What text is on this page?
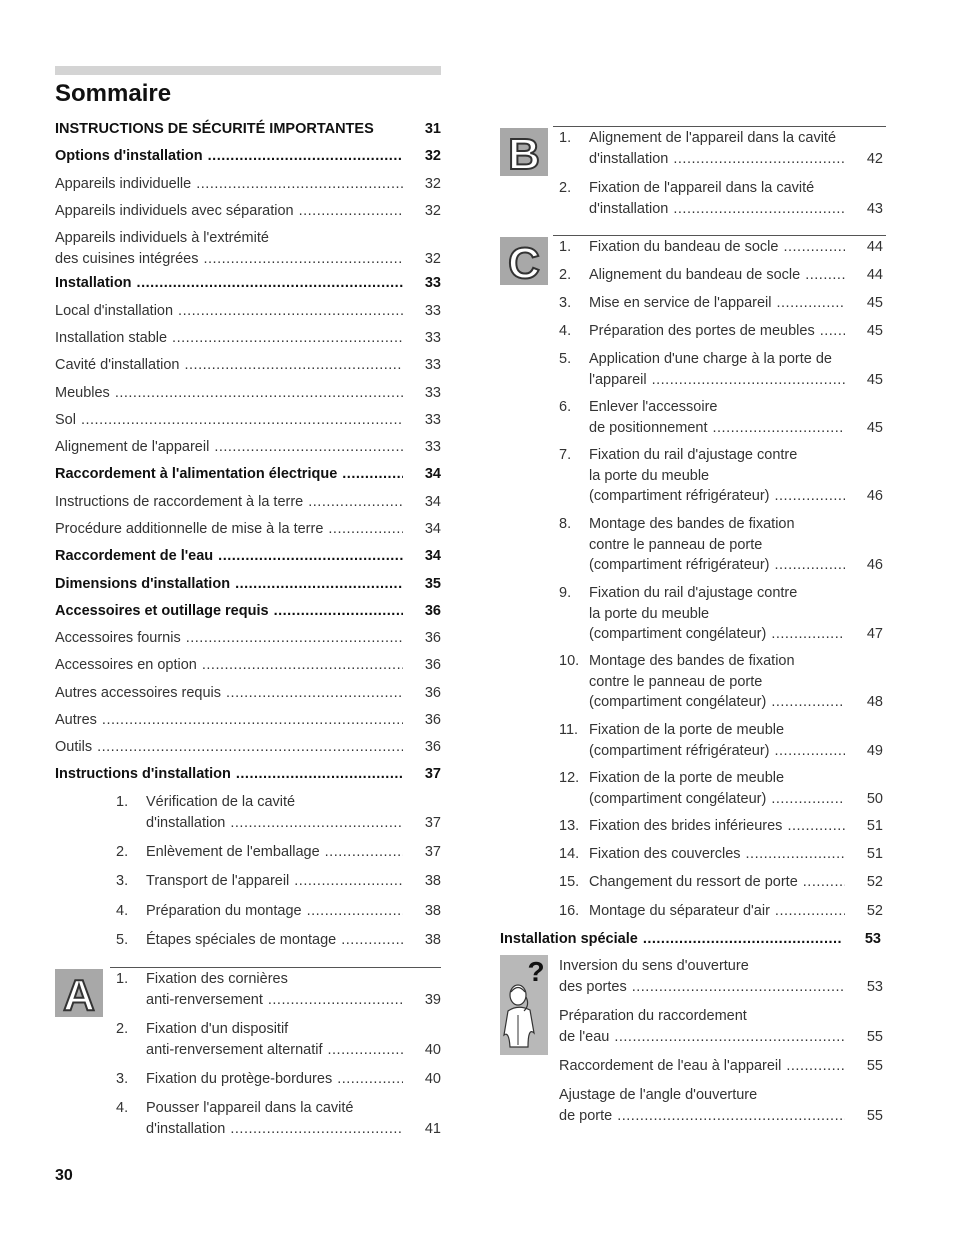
Sommaire
INSTRUCTIONS DE SÉCURITÉ IMPORTANTES	31
Options d'installation .....	32
Appareils individuelle .....	32
Appareils individuels avec séparation .....	32
Appareils individuels à l'extrémité
des cuisines intégrées .....	32
Installation .....	33
Local d'installation .....	33
Installation stable .....	33
Cavité d'installation .....	33
Meubles .....	33
Sol .....	33
Alignement de l'appareil .....	33
Raccordement à l'alimentation électrique .....	34
Instructions de raccordement à la terre .....	34
Procédure additionnelle de mise à la terre .....	34
Raccordement de l'eau .....	34
Dimensions d'installation .....	35
Accessoires et outillage requis .....	36
Accessoires fournis .....	36
Accessoires en option .....	36
Autres accessoires requis .....	36
Autres .....	36
Outils .....	36
Instructions d'installation .....	37
1.	Vérification de la cavité
d'installation .....	37
2.	Enlèvement de l'emballage .....	37
3.	Transport de l'appareil .....	38
4.	Préparation du montage .....	38
5.	Étapes spéciales de montage .....	38
1.	Fixation des cornières
anti-renversement .....	39
2.	Fixation d'un dispositif
anti-renversement alternatif .....	40
3.	Fixation du protège-bordures .....	40
4.	Pousser l'appareil dans la cavité
d'installation .....	41
1.	Alignement de l'appareil dans la cavité
d'installation .....	42
2.	Fixation de l'appareil dans la cavité
d'installation .....	43
1.	Fixation du bandeau de socle .....	44
2.	Alignement du bandeau de socle .....	44
3.	Mise en service de l'appareil .....	45
4.	Préparation des portes de meubles .....	45
5.	Application d'une charge à la porte de
l'appareil .....	45
6.	Enlever l'accessoire
de positionnement .....	45
7.	Fixation du rail d'ajustage contre
la porte du meuble
(compartiment réfrigérateur) .....	46
8.	Montage des bandes de fixation
contre le panneau de porte
(compartiment réfrigérateur) .....	46
9.	Fixation du rail d'ajustage contre
la porte du meuble
(compartiment congélateur) .....	47
10. Montage des bandes de fixation
contre le panneau de porte
(compartiment congélateur) .....	48
11. Fixation de la porte de meuble
(compartiment réfrigérateur) .....	49
12. Fixation de la porte de meuble
(compartiment congélateur) .....	50
13. Fixation des brides inférieures .....	51
14. Fixation des couvercles .....	51
15. Changement du ressort de porte .....	52
16. Montage du séparateur d'air .....	52
Installation spéciale .....	53
Inversion du sens d'ouverture
des portes .....	53
Préparation du raccordement
de l'eau .....	55
Raccordement de l'eau à l'appareil .....	55
Ajustage de l'angle d'ouverture
de porte .....	55
A
B
C
?
30
